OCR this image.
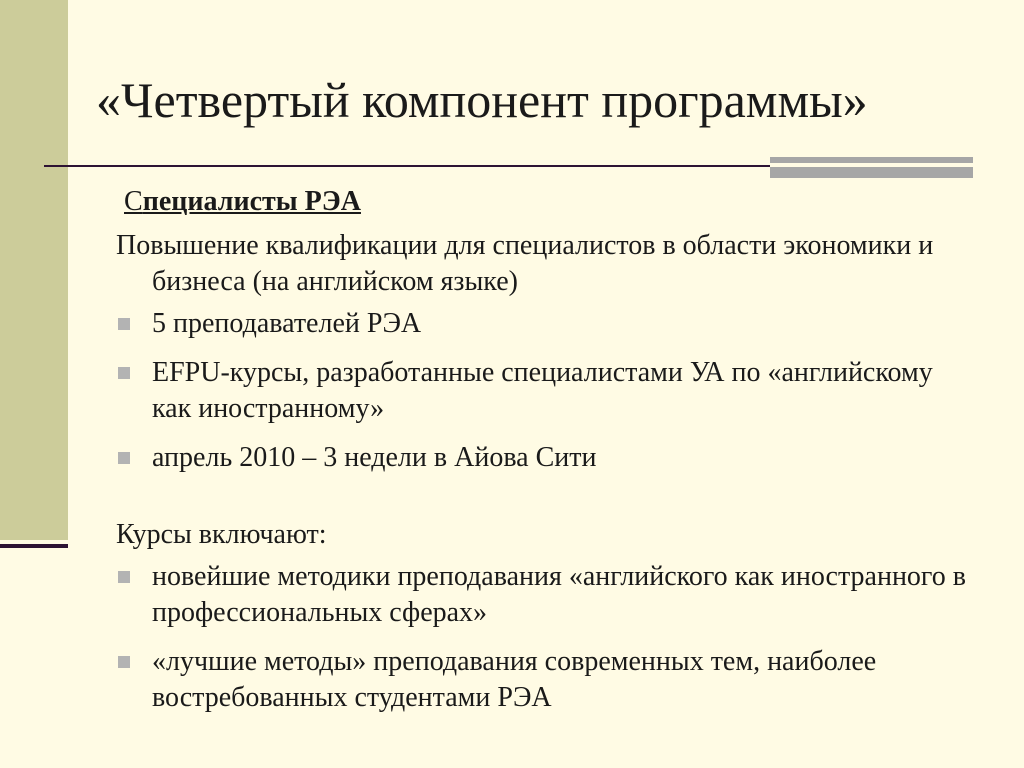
«Четвертый компонент программы»

Специалисты РЭА

Повышение квалификации для специалистов в области экономики и бизнеса (на английском языке)

5 преподавателей РЭА
EFPU-курсы, разработанные специалистами УА по «английскому как иностранному»
апрель 2010 – 3 недели в Айова Сити

Курсы включают:

новейшие методики преподавания «английского как иностранного в профессиональных сферах»
«лучшие методы» преподавания современных тем, наиболее востребованных студентами РЭА
